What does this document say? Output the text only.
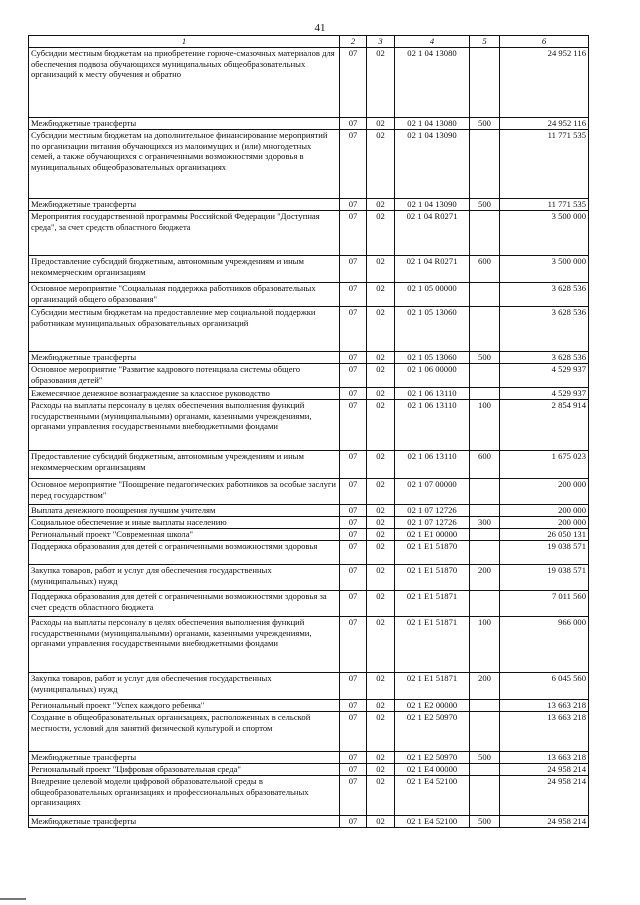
41
1	2	3	4	5	6
Субсидии местным бюджетам на приобретение горюче-смазочных материалов для обеспечения подвоза обучающихся муниципальных общеобразовательных организаций к месту обучения и обратно	07	02	02 1 04 13080		24 952 116
Межбюджетные трансферты	07	02	02 1 04 13080	500	24 952 116
Субсидии местным бюджетам на дополнительное финансирование мероприятий по организации питания обучающихся из малоимущих и (или) многодетных семей, а также обучающихся с ограниченными возможностями здоровья в муниципальных общеобразовательных организациях	07	02	02 1 04 13090		11 771 535
Межбюджетные трансферты	07	02	02 1 04 13090	500	11 771 535
Мероприятия государственной программы Российской Федерации "Доступная среда", за счет средств областного бюджета	07	02	02 1 04 R0271		3 500 000
Предоставление субсидий бюджетным, автономным учреждениям и иным некоммерческим организациям	07	02	02 1 04 R0271	600	3 500 000
Основное мероприятие "Социальная поддержка работников образовательных организаций общего образования"	07	02	02 1 05 00000		3 628 536
Субсидии местным бюджетам на предоставление мер социальной поддержки работникам муниципальных образовательных организаций	07	02	02 1 05 13060		3 628 536
Межбюджетные трансферты	07	02	02 1 05 13060	500	3 628 536
Основное мероприятие "Развитие кадрового потенциала системы общего образования детей"	07	02	02 1 06 00000		4 529 937
Ежемесячное денежное вознаграждение за классное руководство	07	02	02 1 06 13110		4 529 937
Расходы на выплаты персоналу в целях обеспечения выполнения функций государственными (муниципальными) органами, казенными учреждениями, органами управления государственными внебюджетными фондами	07	02	02 1 06 13110	100	2 854 914
Предоставление субсидий бюджетным, автономным учреждениям и иным некоммерческим организациям	07	02	02 1 06 13110	600	1 675 023
Основное мероприятие "Поощрение педагогических работников за особые заслуги перед государством"	07	02	02 1 07 00000		200 000
Выплата денежного поощрения лучшим учителям	07	02	02 1 07 12726		200 000
Социальное обеспечение и иные выплаты населению	07	02	02 1 07 12726	300	200 000
Региональный проект "Современная школа"	07	02	02 1 E1 00000		26 050 131
Поддержка образования для детей с ограниченными возможностями здоровья	07	02	02 1 E1 51870		19 038 571
Закупка товаров, работ и услуг для обеспечения государственных (муниципальных) нужд	07	02	02 1 E1 51870	200	19 038 571
Поддержка образования для детей с ограниченными возможностями здоровья за счет средств областного бюджета	07	02	02 1 E1 51871		7 011 560
Расходы на выплаты персоналу в целях обеспечения выполнения функций государственными (муниципальными) органами, казенными учреждениями, органами управления государственными внебюджетными фондами	07	02	02 1 E1 51871	100	966 000
Закупка товаров, работ и услуг для обеспечения государственных (муниципальных) нужд	07	02	02 1 E1 51871	200	6 045 560
Региональный проект "Успех каждого ребенка"	07	02	02 1 E2 00000		13 663 218
Создание в общеобразовательных организациях, расположенных в сельской местности, условий для занятий физической культурой и спортом	07	02	02 1 E2 50970		13 663 218
Межбюджетные трансферты	07	02	02 1 E2 50970	500	13 663 218
Региональный проект "Цифровая образовательная среда"	07	02	02 1 E4 00000		24 958 214
Внедрение целевой модели цифровой образовательной среды в общеобразовательных организациях и профессиональных образовательных организациях	07	02	02 1 E4 52100		24 958 214
Межбюджетные трансферты	07	02	02 1 E4 52100	500	24 958 214
